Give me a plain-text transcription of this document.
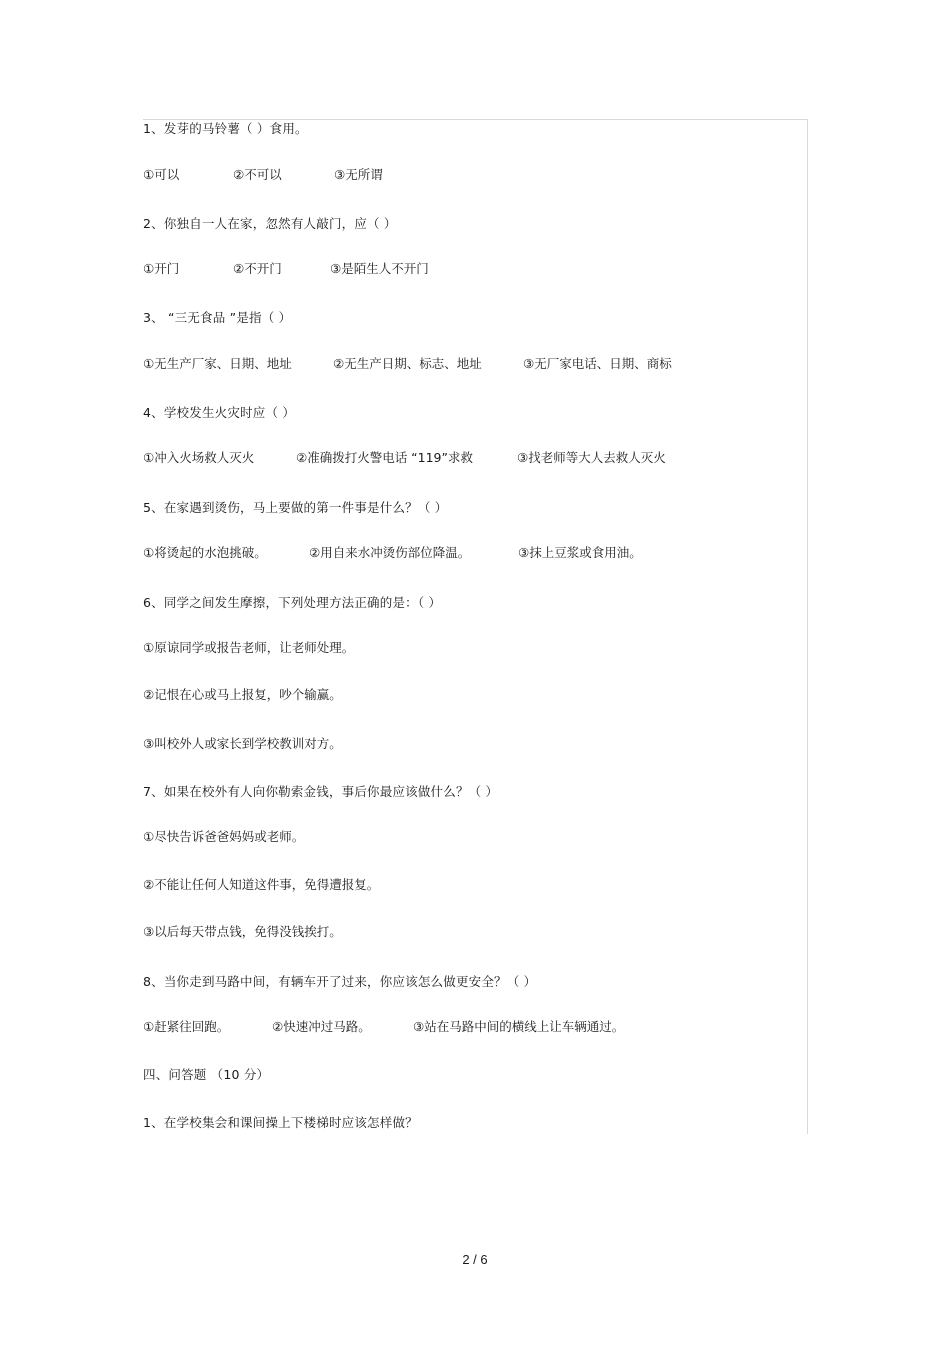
1、发芽的马铃薯（ ）食用。
①可以	②不可以	③无所谓
2、你独自一人在家，忽然有人敲门，应（ ）
①开门	②不开门	③是陌生人不开门
3、 “三无食品 ”是指（ ）
①无生产厂家、日期、地址	②无生产日期、标志、地址	③无厂家电话、日期、商标
4、学校发生火灾时应（ ）
①冲入火场救人灭火	②准确拨打火警电话 “119”求救	③找老师等大人去救人灭火
5、在家遇到烫伤，马上要做的第一件事是什么？（ ）
①将烫起的水泡挑破。	②用自来水冲烫伤部位降温。	③抹上豆浆或食用油。
6、同学之间发生摩擦，下列处理方法正确的是：（ ）
①原谅同学或报告老师，让老师处理。
②记恨在心或马上报复，吵个输赢。
③叫校外人或家长到学校教训对方。
7、如果在校外有人向你勒索金钱，事后你最应该做什么？（ ）
①尽快告诉爸爸妈妈或老师。
②不能让任何人知道这件事，免得遭报复。
③以后每天带点钱，免得没钱挨打。
8、当你走到马路中间，有辆车开了过来，你应该怎么做更安全？（ ）
①赶紧往回跑。	②快速冲过马路。	③站在马路中间的横线上让车辆通过。
四、问答题 （10 分）
1、在学校集会和课间操上下楼梯时应该怎样做？
2 / 6
